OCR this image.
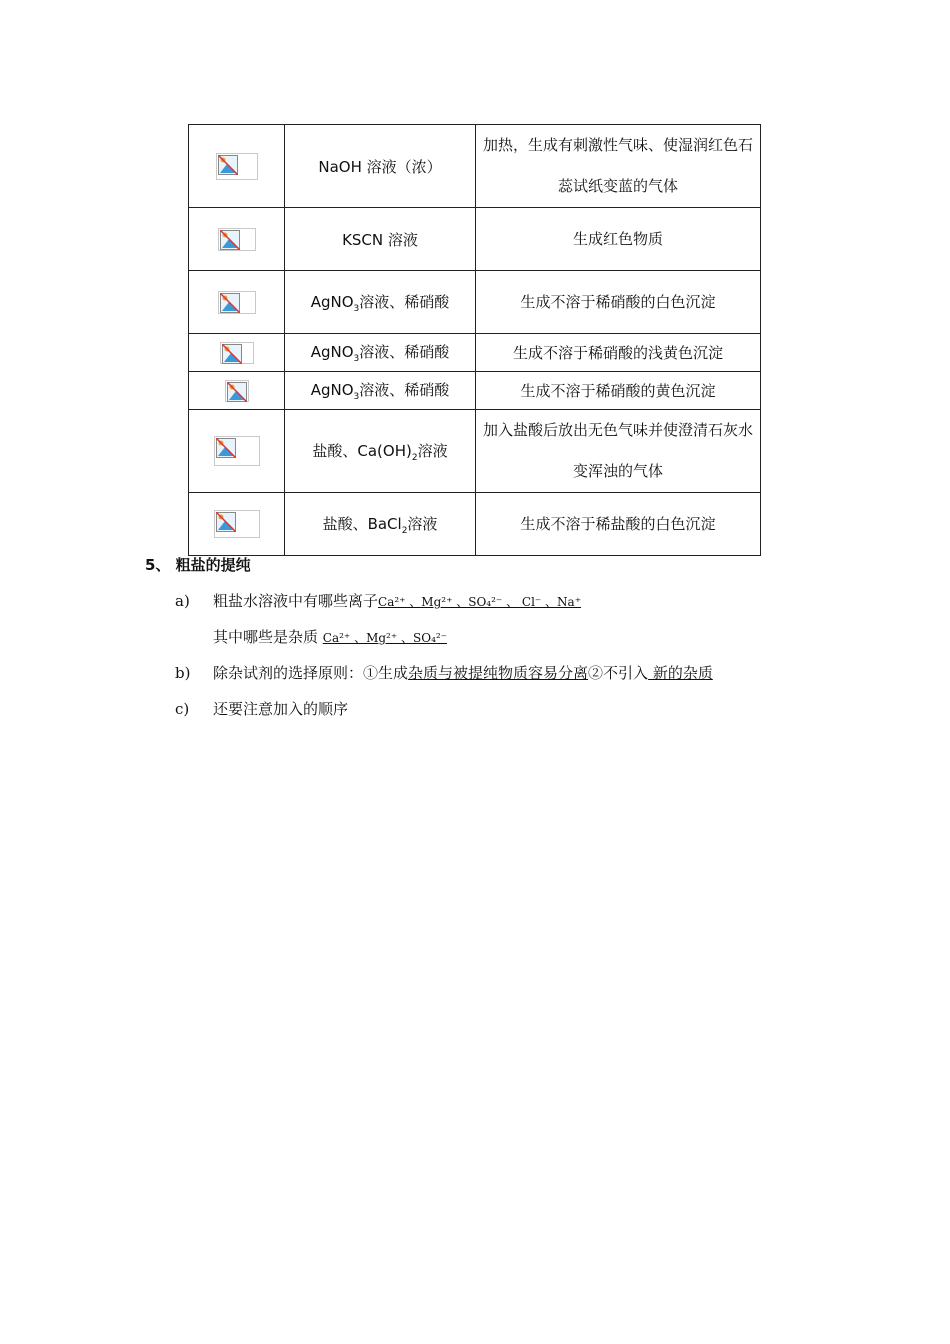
	NaOH 溶液（浓）	加热，生成有刺激性气味、使湿润红色石蕊试纸变蓝的气体

	KSCN 溶液	生成红色物质

	AgNO$_3$溶液、稀硝酸	生成不溶于稀硝酸的白色沉淀

	AgNO$_3$溶液、稀硝酸	生成不溶于稀硝酸的浅黄色沉淀

	AgNO$_3$溶液、稀硝酸	生成不溶于稀硝酸的黄色沉淀

	盐酸、$Ca(OH)_2$溶液	加入盐酸后放出无色气味并使澄清石灰水变浑浊的气体

	盐酸、BaCl$_2$溶液	生成不溶于稀盐酸的白色沉淀
5、 粗盐的提纯
a) 粗盐水溶液中有哪些离子Ca²⁺ 、Mg²⁺ 、SO₄²⁻ 、 Cl⁻ 、Na⁺
其中哪些是杂质 Ca²⁺ 、Mg²⁺ 、SO₄²⁻
b) 除杂试剂的选择原则：①生成杂质与被提纯物质容易分离②不引入 新的杂质
c) 还要注意加入的顺序
